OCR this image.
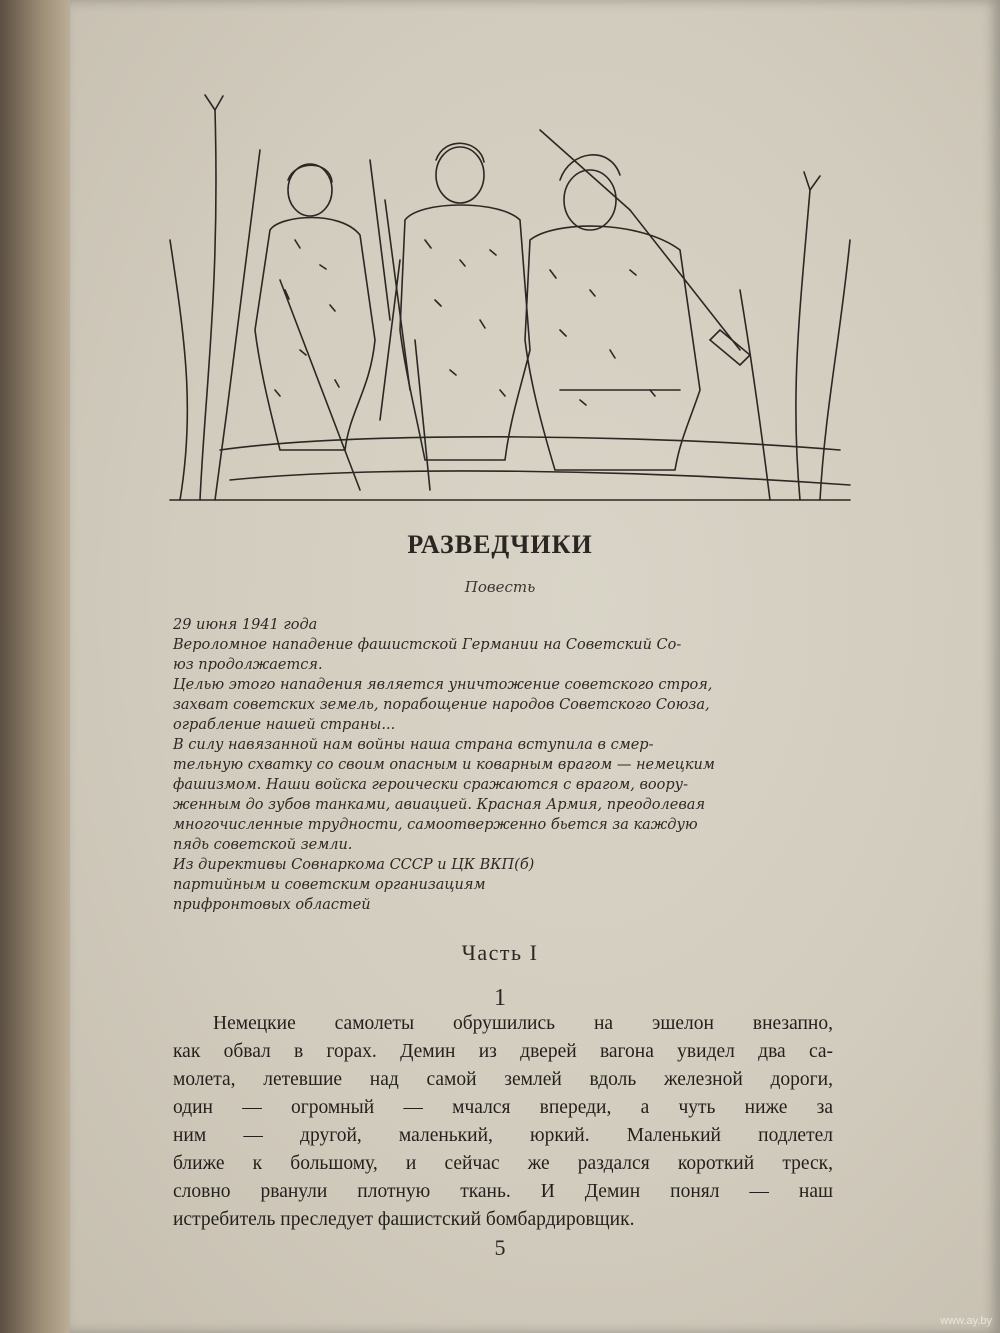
РАЗВЕДЧИКИ
Повесть

29 июня 1941 года

Вероломное нападение фашистской Германии на Советский Со-

юз продолжается.

Целью этого нападения является уничтожение советского строя,

захват советских земель, порабощение народов Советского Союза,

ограбление нашей страны...

В силу навязанной нам войны наша страна вступила в смер-

тельную схватку со своим опасным и коварным врагом — немецким

фашизмом. Наши войска героически сражаются с врагом, воору-

женным до зубов танками, авиацией. Красная Армия, преодолевая

многочисленные трудности, самоотверженно бьется за каждую

пядь советской земли.

Из директивы Совнаркома СССР и ЦК ВКП(б)

партийным и советским организациям

прифронтовых областей

Часть I
1
Немецкие самолеты обрушились на эшелон внезапно,
как обвал в горах. Демин из дверей вагона увидел два са-
молета, летевшие над самой землей вдоль железной дороги,
один — огромный — мчался впереди, а чуть ниже за
ним — другой, маленький, юркий. Маленький подлетел
ближе к большому, и сейчас же раздался короткий треск,
словно рванули плотную ткань. И Демин понял — наш
истребитель преследует фашистский бомбардировщик.
5
www.ay.by
